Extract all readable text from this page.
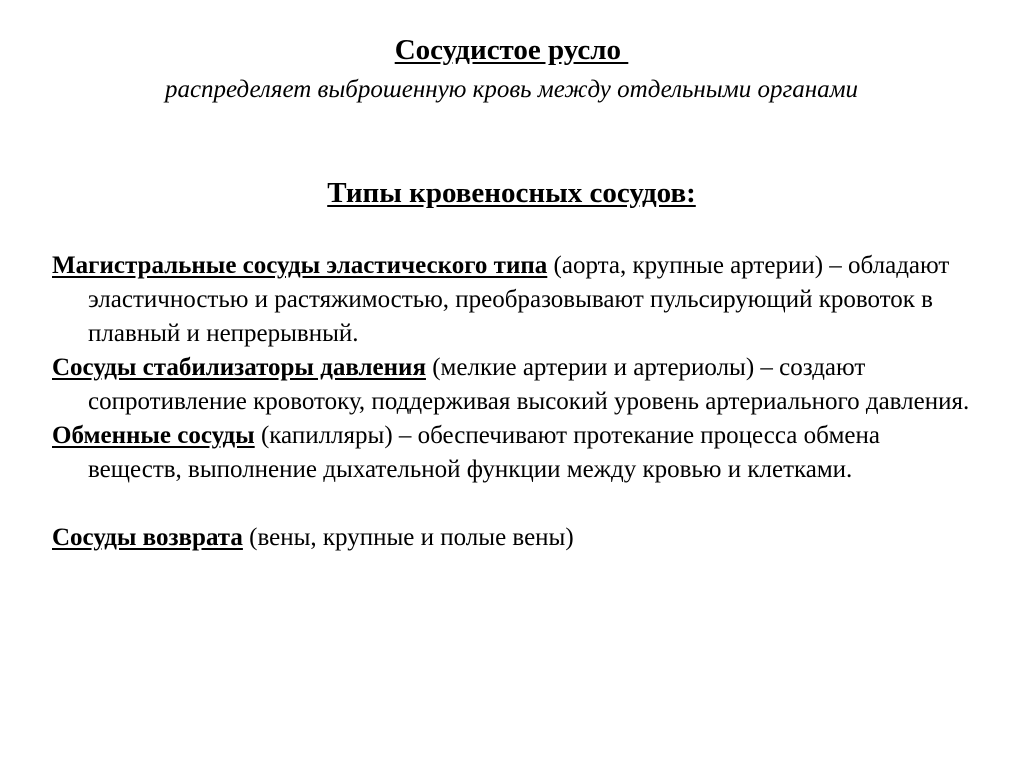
Сосудистое русло

распределяет выброшенную кровь между отдельными органами

Типы кровеносных сосудов:
Магистральные сосуды эластического типа (аорта, крупные артерии) – обладают эластичностью и растяжимостью, преобразовывают пульсирующий кровоток в плавный и непрерывный.
Сосуды стабилизаторы давления (мелкие артерии и артериолы) – создают сопротивление кровотоку, поддерживая высокий уровень артериального давления.
Обменные сосуды (капилляры) – обеспечивают протекание процесса обмена веществ, выполнение дыхательной функции между кровью и клетками.
Сосуды возврата (вены, крупные и полые вены)
